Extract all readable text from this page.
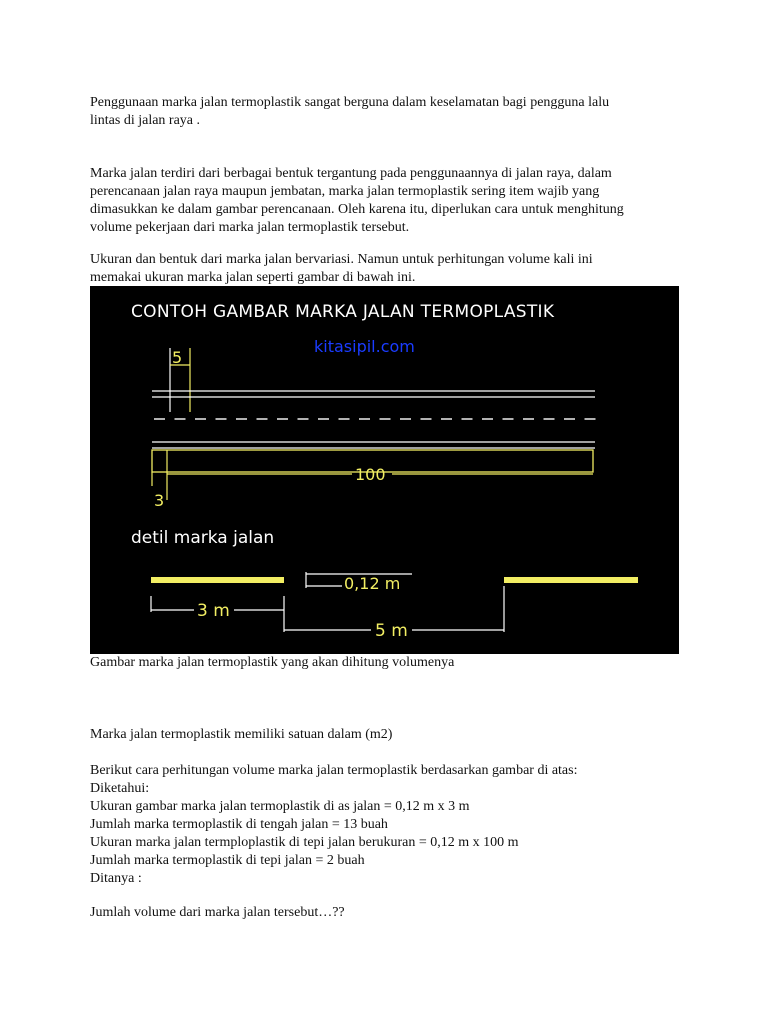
Penggunaan marka jalan termoplastik sangat berguna dalam keselamatan bagi pengguna lalu
lintas di jalan raya .

Marka jalan terdiri dari berbagai bentuk tergantung pada penggunaannya di jalan raya, dalam
perencanaan jalan raya maupun jembatan, marka jalan termoplastik sering item wajib yang
dimasukkan ke dalam gambar perencanaan. Oleh karena itu, diperlukan cara untuk menghitung
volume pekerjaan dari marka jalan termoplastik tersebut.

Ukuran dan bentuk dari marka jalan bervariasi. Namun untuk perhitungan volume kali ini
memakai ukuran marka jalan seperti gambar di bawah ini.

CONTOH GAMBAR MARKA JALAN TERMOPLASTIK
kitasipil.com
5
100
3
detil marka jalan
0,12 m
3 m
5 m

Gambar marka jalan termoplastik yang akan dihitung volumenya

Marka jalan termoplastik memiliki satuan dalam (m2)

Berikut cara perhitungan volume marka jalan termoplastik berdasarkan gambar di atas:
Diketahui:
Ukuran gambar marka jalan termoplastik di as jalan = 0,12 m x 3 m
Jumlah marka termoplastik di tengah jalan = 13 buah
Ukuran marka jalan termploplastik di tepi jalan berukuran = 0,12 m x 100 m
Jumlah marka termoplastik di tepi jalan = 2 buah
Ditanya :

Jumlah volume dari marka jalan tersebut…??
